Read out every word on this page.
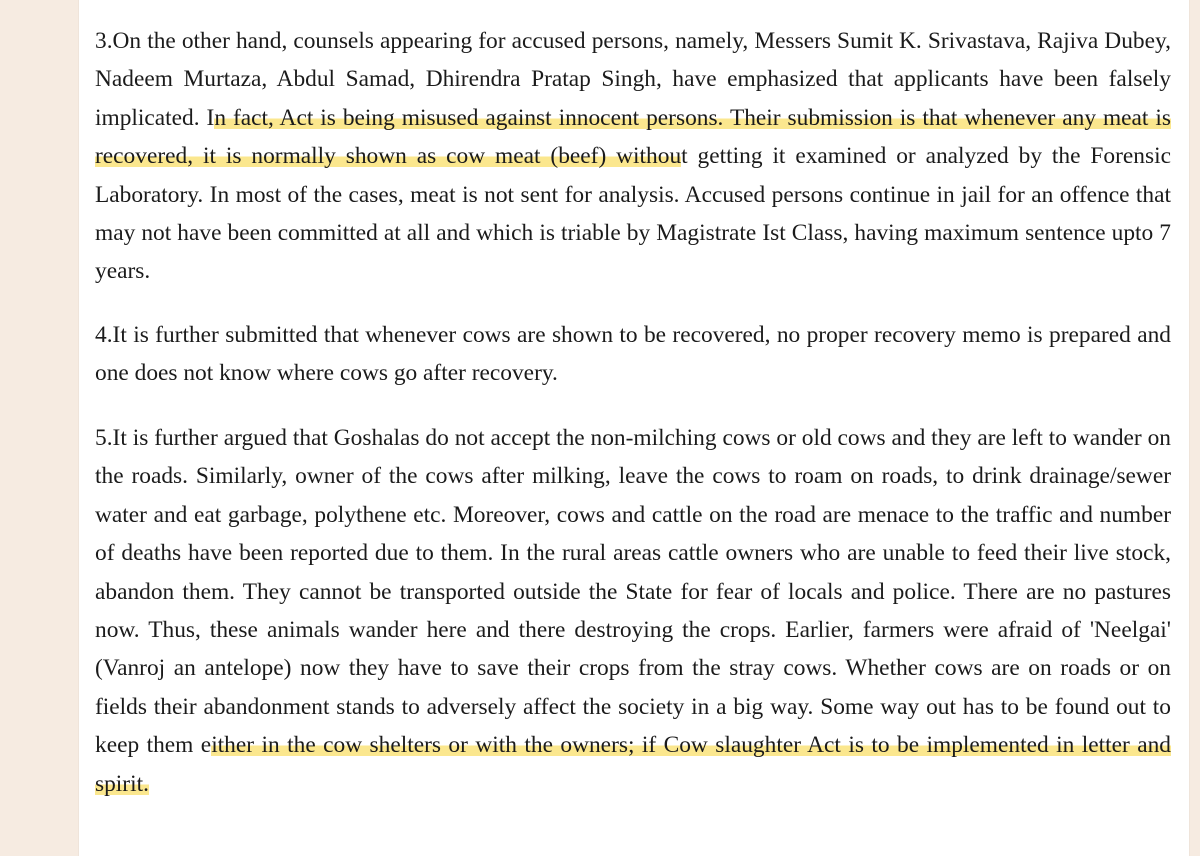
3.On the other hand, counsels appearing for accused persons, namely, Messers Sumit K. Srivastava, Rajiva Dubey, Nadeem Murtaza, Abdul Samad, Dhirendra Pratap Singh, have emphasized that applicants have been falsely implicated. In fact, Act is being misused against innocent persons. Their submission is that whenever any meat is recovered, it is normally shown as cow meat (beef) without getting it examined or analyzed by the Forensic Laboratory. In most of the cases, meat is not sent for analysis. Accused persons continue in jail for an offence that may not have been committed at all and which is triable by Magistrate Ist Class, having maximum sentence upto 7 years.

4.It is further submitted that whenever cows are shown to be recovered, no proper recovery memo is prepared and one does not know where cows go after recovery.

5.It is further argued that Goshalas do not accept the non-milching cows or old cows and they are left to wander on the roads. Similarly, owner of the cows after milking, leave the cows to roam on roads, to drink drainage/sewer water and eat garbage, polythene etc. Moreover, cows and cattle on the road are menace to the traffic and number of deaths have been reported due to them. In the rural areas cattle owners who are unable to feed their live stock, abandon them. They cannot be transported outside the State for fear of locals and police. There are no pastures now. Thus, these animals wander here and there destroying the crops. Earlier, farmers were afraid of 'Neelgai' (Vanroj an antelope) now they have to save their crops from the stray cows. Whether cows are on roads or on fields their abandonment stands to adversely affect the society in a big way. Some way out has to be found out to keep them either in the cow shelters or with the owners; if Cow slaughter Act is to be implemented in letter and spirit.
